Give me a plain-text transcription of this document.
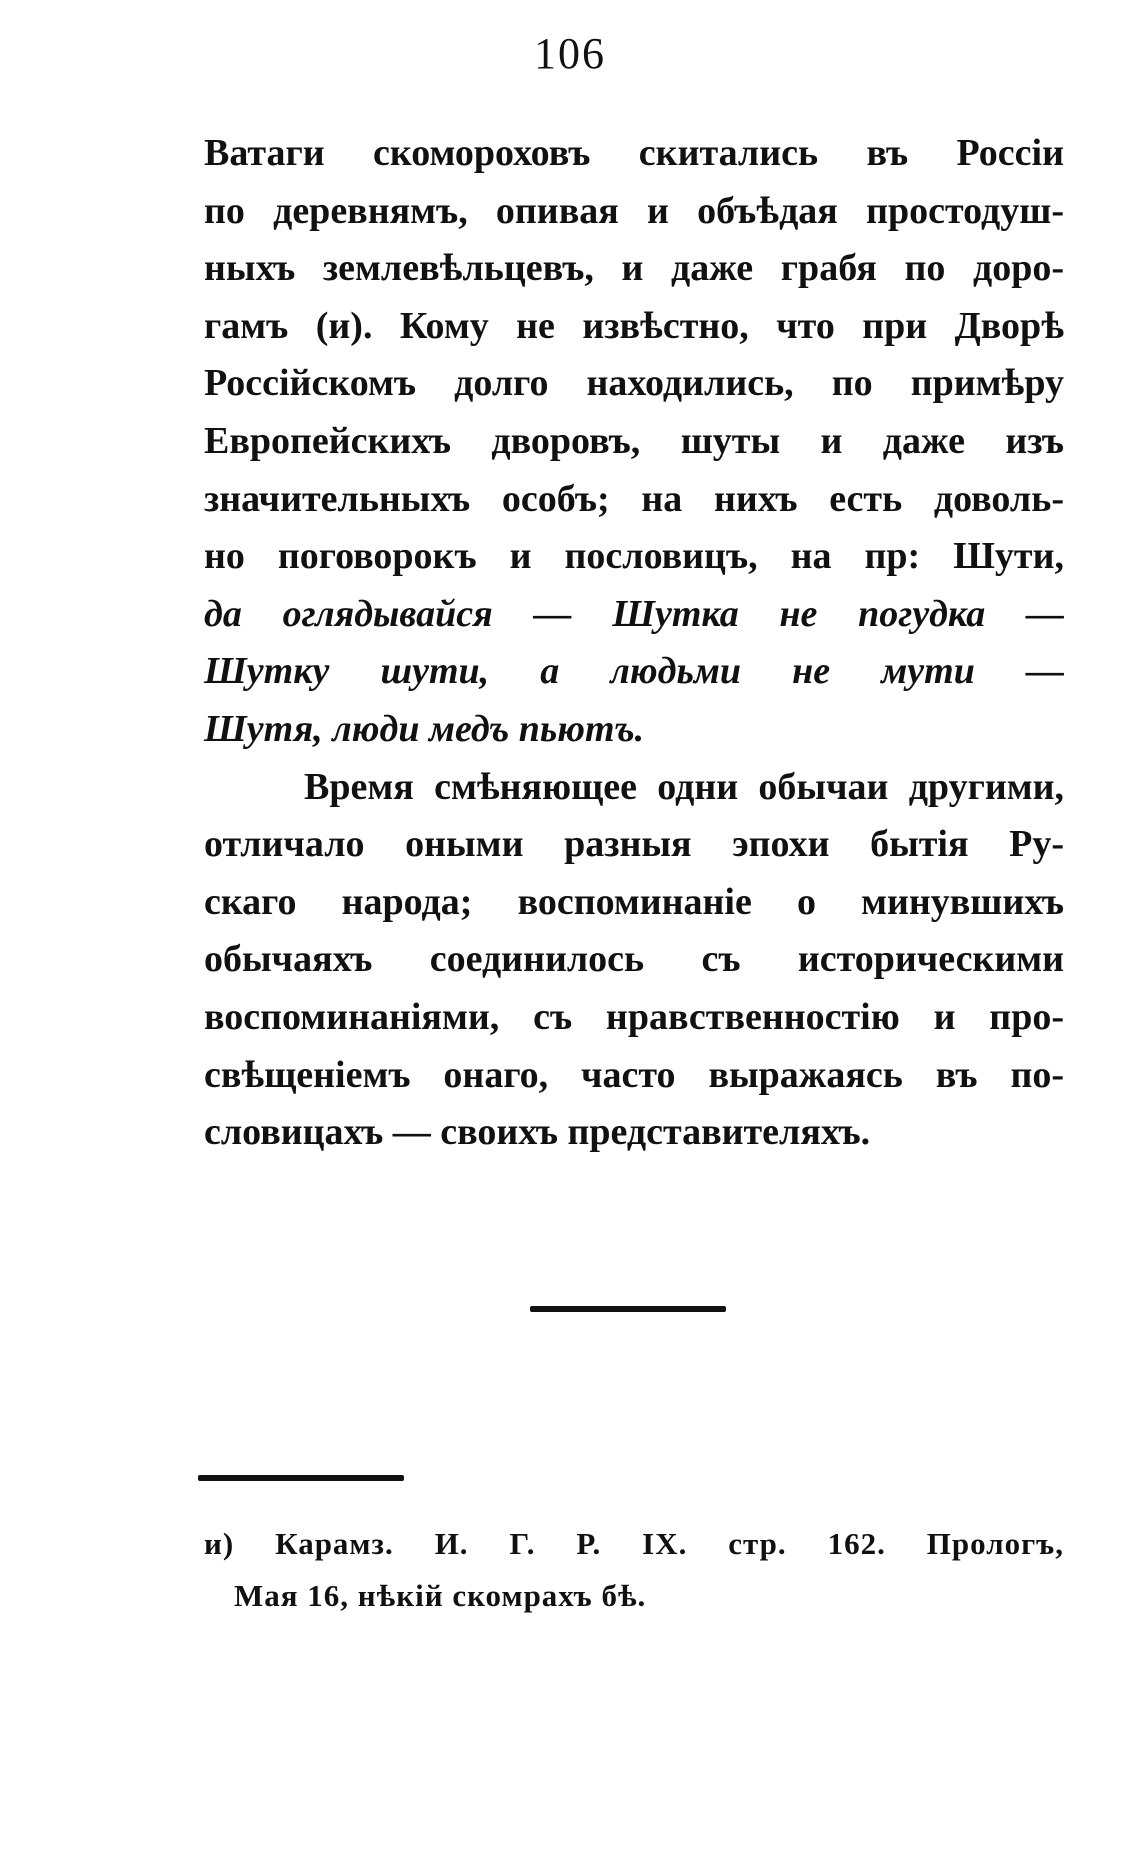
106
Ватаги скомороховъ скитались въ Россiи
по деревнямъ, опивая и объѣдая простодуш-
ныхъ землевѣльцевъ, и даже грабя по доро-
гамъ (и). Кому не извѣстно, что при Дворѣ
Россiйскомъ долго находились, по примѣру
Европейскихъ дворовъ, шуты и даже изъ
значительныхъ особъ; на нихъ есть доволь-
но поговорокъ и пословицъ, на пр: Шути,
да оглядывайся — Шутка не погудка —
Шутку шути, а людьми не мути —
Шутя, люди медъ пьютъ.
Время смѣняющее одни обычаи другими,
отличало оными разныя эпохи бытiя Ру-
скаго народа; воспоминанiе о минувшихъ
обычаяхъ соединилось съ историческими
воспоминанiями, съ нравственностiю и про-
свѣщенiемъ онаго, часто выражаясь въ по-
словицахъ — своихъ представителяхъ.
и) Карамз. И. Г. Р. IX. стр. 162. Прологъ,
Мая 16, нѣкiй скомрахъ бѣ.
